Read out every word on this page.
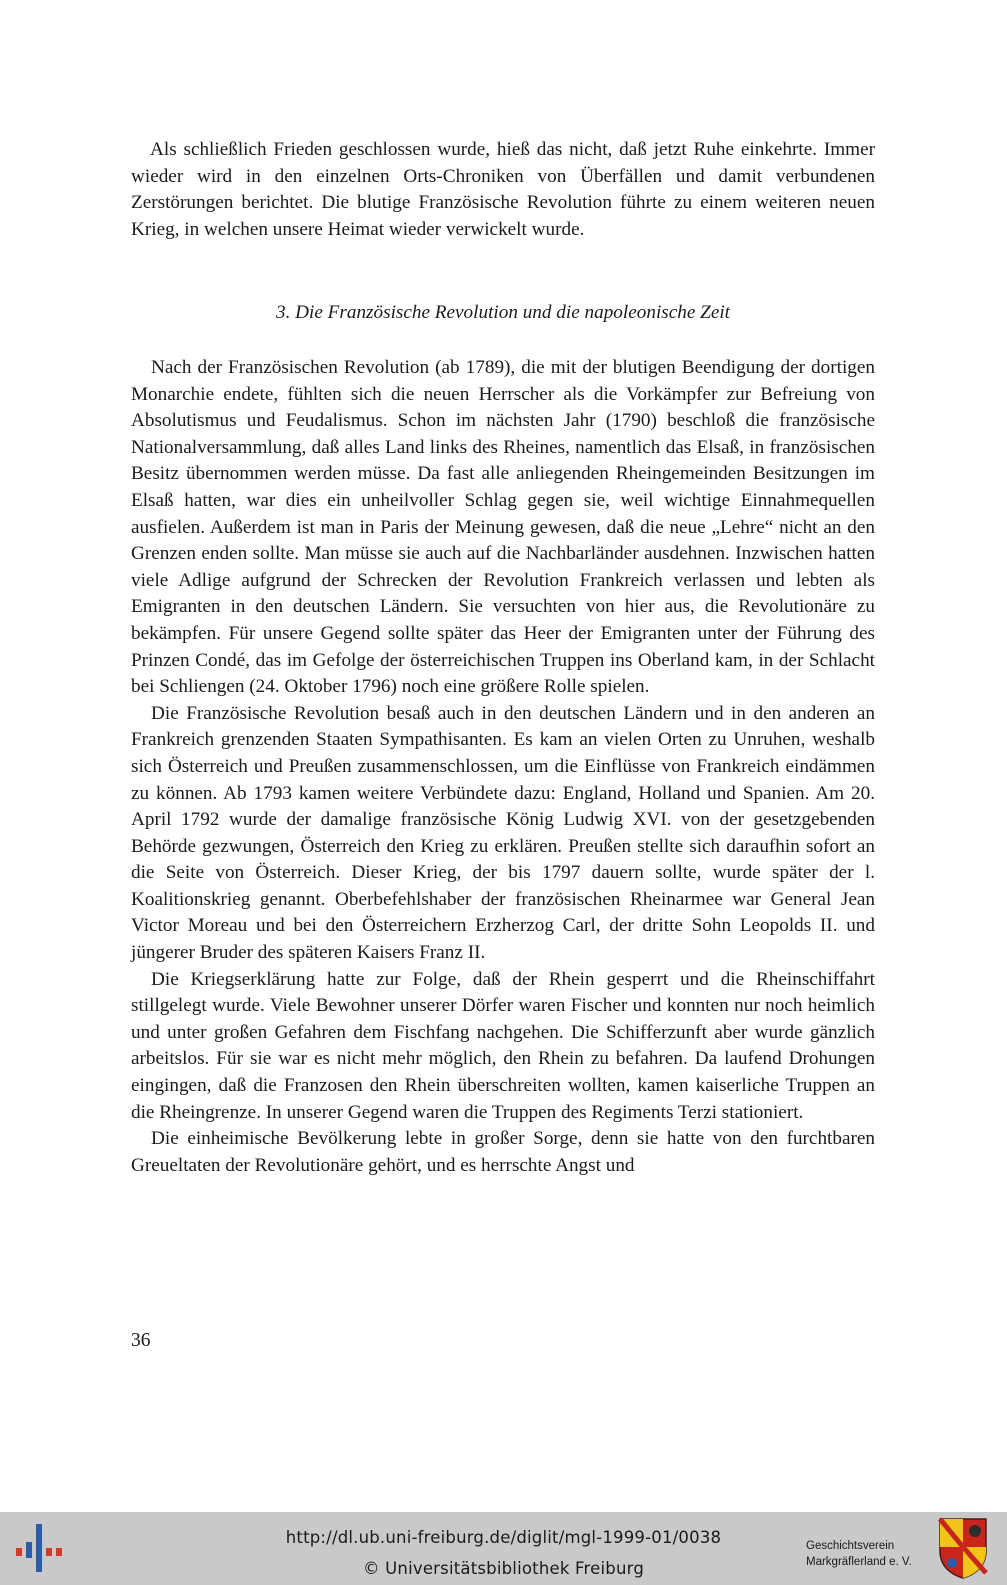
Als schließlich Frieden geschlossen wurde, hieß das nicht, daß jetzt Ruhe einkehrte. Immer wieder wird in den einzelnen Orts-Chroniken von Überfällen und damit verbundenen Zerstörungen berichtet. Die blutige Französische Revolution führte zu einem weiteren neuen Krieg, in welchen unsere Heimat wieder verwickelt wurde.

3. Die Französische Revolution und die napoleonische Zeit

Nach der Französischen Revolution (ab 1789), die mit der blutigen Beendigung der dortigen Monarchie endete, fühlten sich die neuen Herrscher als die Vorkämpfer zur Befreiung von Absolutismus und Feudalismus. Schon im nächsten Jahr (1790) beschloß die französische Nationalversammlung, daß alles Land links des Rheines, namentlich das Elsaß, in französischen Besitz übernommen werden müsse. Da fast alle anliegenden Rheingemeinden Besitzungen im Elsaß hatten, war dies ein unheilvoller Schlag gegen sie, weil wichtige Einnahmequellen ausfielen. Außerdem ist man in Paris der Meinung gewesen, daß die neue „Lehre“ nicht an den Grenzen enden sollte. Man müsse sie auch auf die Nachbarländer ausdehnen. Inzwischen hatten viele Adlige aufgrund der Schrecken der Revolution Frankreich verlassen und lebten als Emigranten in den deutschen Ländern. Sie versuchten von hier aus, die Revolutionäre zu bekämpfen. Für unsere Gegend sollte später das Heer der Emigranten unter der Führung des Prinzen Condé, das im Gefolge der österreichischen Truppen ins Oberland kam, in der Schlacht bei Schliengen (24. Oktober 1796) noch eine größere Rolle spielen.

Die Französische Revolution besaß auch in den deutschen Ländern und in den anderen an Frankreich grenzenden Staaten Sympathisanten. Es kam an vielen Orten zu Unruhen, weshalb sich Österreich und Preußen zusammenschlossen, um die Einflüsse von Frankreich eindämmen zu können. Ab 1793 kamen weitere Verbündete dazu: England, Holland und Spanien. Am 20. April 1792 wurde der damalige französische König Ludwig XVI. von der gesetzgebenden Behörde gezwungen, Österreich den Krieg zu erklären. Preußen stellte sich daraufhin sofort an die Seite von Österreich. Dieser Krieg, der bis 1797 dauern sollte, wurde später der l. Koalitionskrieg genannt. Oberbefehlshaber der französischen Rheinarmee war General Jean Victor Moreau und bei den Österreichern Erzherzog Carl, der dritte Sohn Leopolds II. und jüngerer Bruder des späteren Kaisers Franz II.

Die Kriegserklärung hatte zur Folge, daß der Rhein gesperrt und die Rheinschiffahrt stillgelegt wurde. Viele Bewohner unserer Dörfer waren Fischer und konnten nur noch heimlich und unter großen Gefahren dem Fischfang nachgehen. Die Schifferzunft aber wurde gänzlich arbeitslos. Für sie war es nicht mehr möglich, den Rhein zu befahren. Da laufend Drohungen eingingen, daß die Franzosen den Rhein überschreiten wollten, kamen kaiserliche Truppen an die Rheingrenze. In unserer Gegend waren die Truppen des Regiments Terzi stationiert.

Die einheimische Bevölkerung lebte in großer Sorge, denn sie hatte von den furchtbaren Greueltaten der Revolutionäre gehört, und es herrschte Angst und

36
http://dl.ub.uni-freiburg.de/diglit/mgl-1999-01/0038
© Universitätsbibliothek Freiburg
Geschichtsverein
Markgräflerland e. V.
